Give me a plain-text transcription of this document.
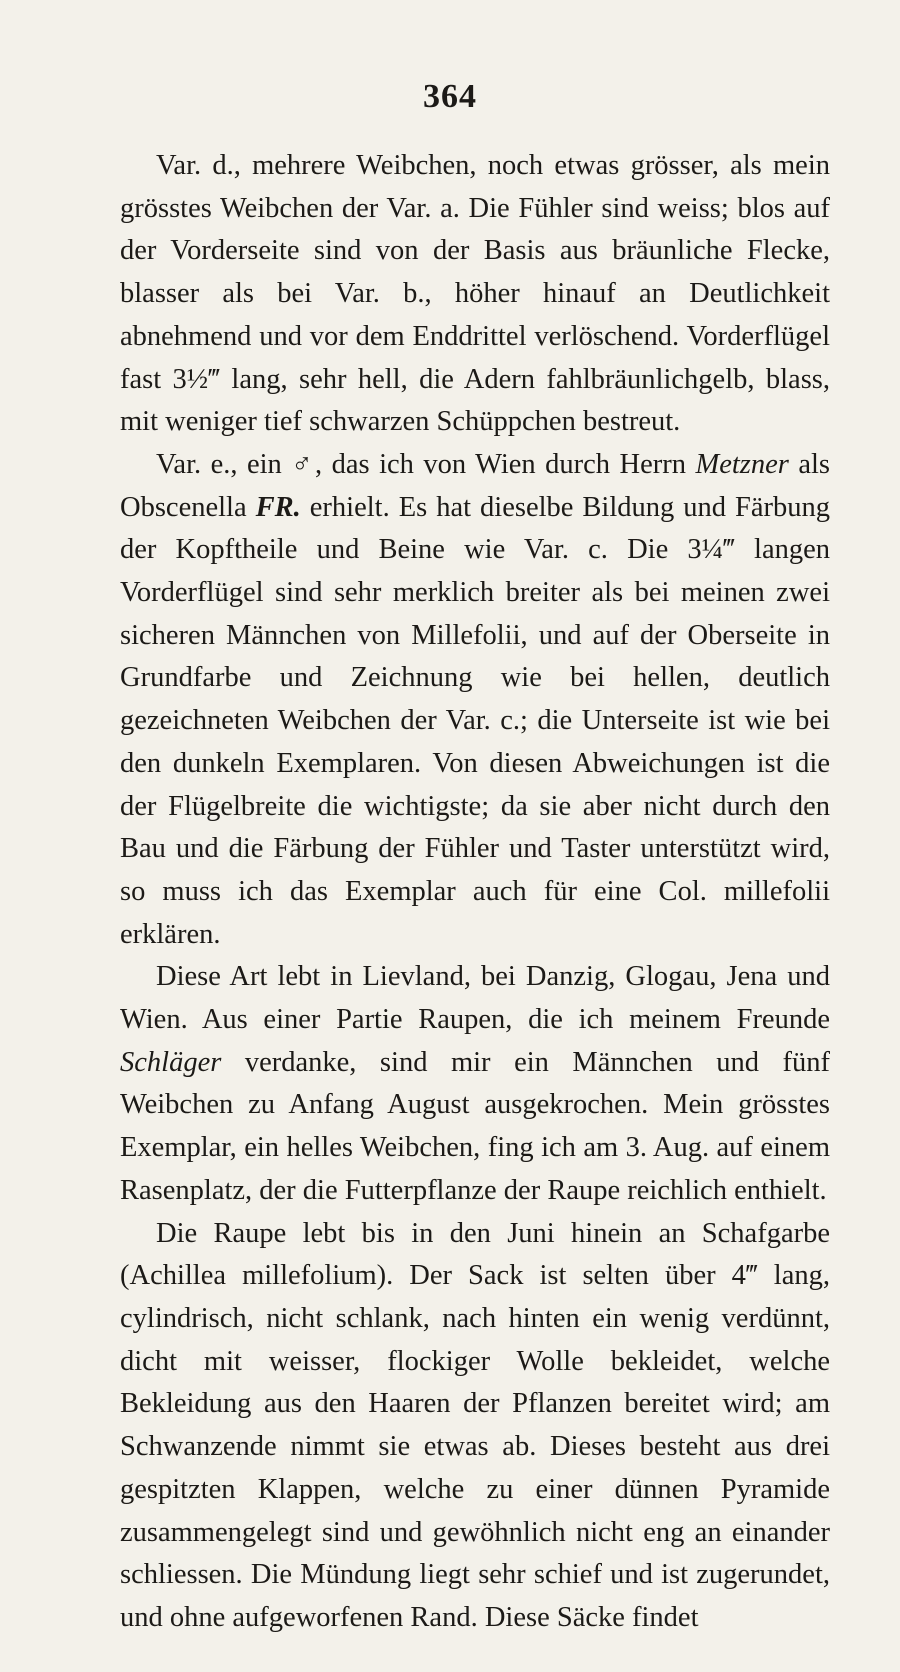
364

Var. d., mehrere Weibchen, noch etwas grösser, als mein grösstes Weibchen der Var. a. Die Fühler sind weiss; blos auf der Vorderseite sind von der Basis aus bräunliche Flecke, blasser als bei Var. b., höher hinauf an Deutlichkeit abnehmend und vor dem Enddrittel verlöschend. Vorderflügel fast 3½‴ lang, sehr hell, die Adern fahlbräunlichgelb, blass, mit weniger tief schwarzen Schüppchen bestreut.

Var. e., ein ♂, das ich von Wien durch Herrn Metzner als Obscenella FR. erhielt. Es hat dieselbe Bildung und Färbung der Kopftheile und Beine wie Var. c. Die 3¼‴ langen Vorderflügel sind sehr merklich breiter als bei meinen zwei sicheren Männchen von Millefolii, und auf der Oberseite in Grundfarbe und Zeichnung wie bei hellen, deutlich gezeichneten Weibchen der Var. c.; die Unterseite ist wie bei den dunkeln Exemplaren. Von diesen Abweichungen ist die der Flügelbreite die wichtigste; da sie aber nicht durch den Bau und die Färbung der Fühler und Taster unterstützt wird, so muss ich das Exemplar auch für eine Col. millefolii erklären.

Diese Art lebt in Lievland, bei Danzig, Glogau, Jena und Wien. Aus einer Partie Raupen, die ich meinem Freunde Schläger verdanke, sind mir ein Männchen und fünf Weibchen zu Anfang August ausgekrochen. Mein grösstes Exemplar, ein helles Weibchen, fing ich am 3. Aug. auf einem Rasenplatz, der die Futterpflanze der Raupe reichlich enthielt.

Die Raupe lebt bis in den Juni hinein an Schafgarbe (Achillea millefolium). Der Sack ist selten über 4‴ lang, cylindrisch, nicht schlank, nach hinten ein wenig verdünnt, dicht mit weisser, flockiger Wolle bekleidet, welche Bekleidung aus den Haaren der Pflanzen bereitet wird; am Schwanzende nimmt sie etwas ab. Dieses besteht aus drei gespitzten Klappen, welche zu einer dünnen Pyramide zusammengelegt sind und gewöhnlich nicht eng an einander schliessen. Die Mündung liegt sehr schief und ist zugerundet, und ohne aufgeworfenen Rand. Diese Säcke findet
